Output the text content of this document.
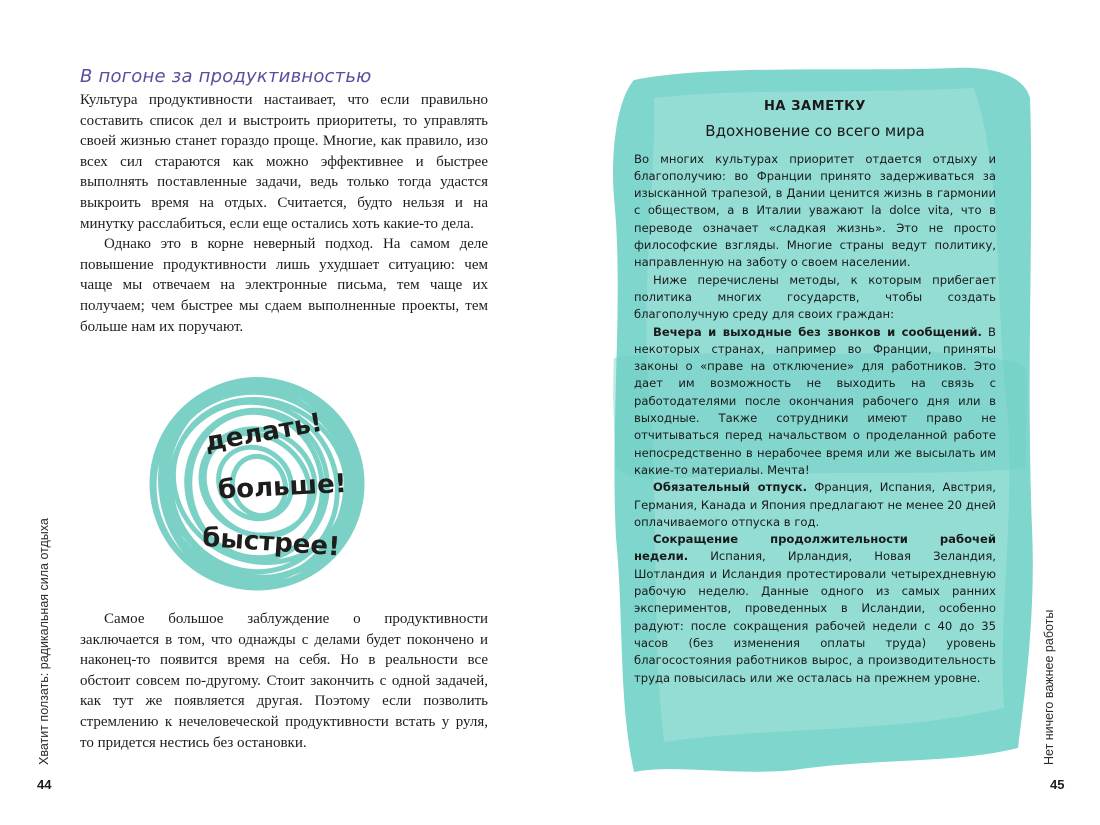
В погоне за продуктивностью

Культура продуктивности настаивает, что если правильно составить список дел и выстроить приоритеты, то управлять своей жизнью станет гораздо проще. Многие, как правило, изо всех сил стараются как можно эффективнее и быстрее выполнять поставленные задачи, ведь только тогда удастся выкроить время на отдых. Считается, будто нельзя и на минутку расслабиться, если еще остались хоть какие-то дела.

Однако это в корне неверный подход. На самом деле повышение продуктивности лишь ухудшает ситуацию: чем чаще мы отвечаем на электронные письма, тем чаще их получаем; чем быстрее мы сдаем выполненные проекты, тем больше нам их поручают.

делать!
больше!
быстрее!

Самое большое заблуждение о продуктивности заключается в том, что однажды с делами будет покончено и наконец-то появится время на себя. Но в реальности все обстоит совсем по-другому. Стоит закончить с одной задачей, как тут же появляется другая. Поэтому если позволить стремлению к нечеловеческой продуктивности встать у руля, то придется нестись без остановки.

Хватит ползать: радикальная сила отдыха
44
НА ЗАМЕТКУ
Вдохновение со всего мира

Во многих культурах приоритет отдается отдыху и благополучию: во Франции принято задерживаться за изысканной трапезой, в Дании ценится жизнь в гармонии с обществом, а в Италии уважают la dolce vita, что в переводе означает «сладкая жизнь». Это не просто философские взгляды. Многие страны ведут политику, направленную на заботу о своем населении.

Ниже перечислены методы, к которым прибегает политика многих государств, чтобы создать благополучную среду для своих граждан:

Вечера и выходные без звонков и сообщений. В некоторых странах, например во Франции, приняты законы о «праве на отключение» для работников. Это дает им возможность не выходить на связь с работодателями после окончания рабочего дня или в выходные. Также сотрудники имеют право не отчитываться перед начальством о проделанной работе непосредственно в нерабочее время или же высылать им какие-то материалы. Мечта!

Обязательный отпуск. Франция, Испания, Австрия, Германия, Канада и Япония предлагают не менее 20 дней оплачиваемого отпуска в год.

Сокращение продолжительности рабочей недели. Испания, Ирландия, Новая Зеландия, Шотландия и Исландия протестировали четырехдневную рабочую неделю. Данные одного из самых ранних экспериментов, проведенных в Исландии, особенно радуют: после сокращения рабочей недели с 40 до 35 часов (без изменения оплаты труда) уровень благосостояния работников вырос, а производительность труда повысилась или же осталась на прежнем уровне.	Нет ничего важнее работы
45
